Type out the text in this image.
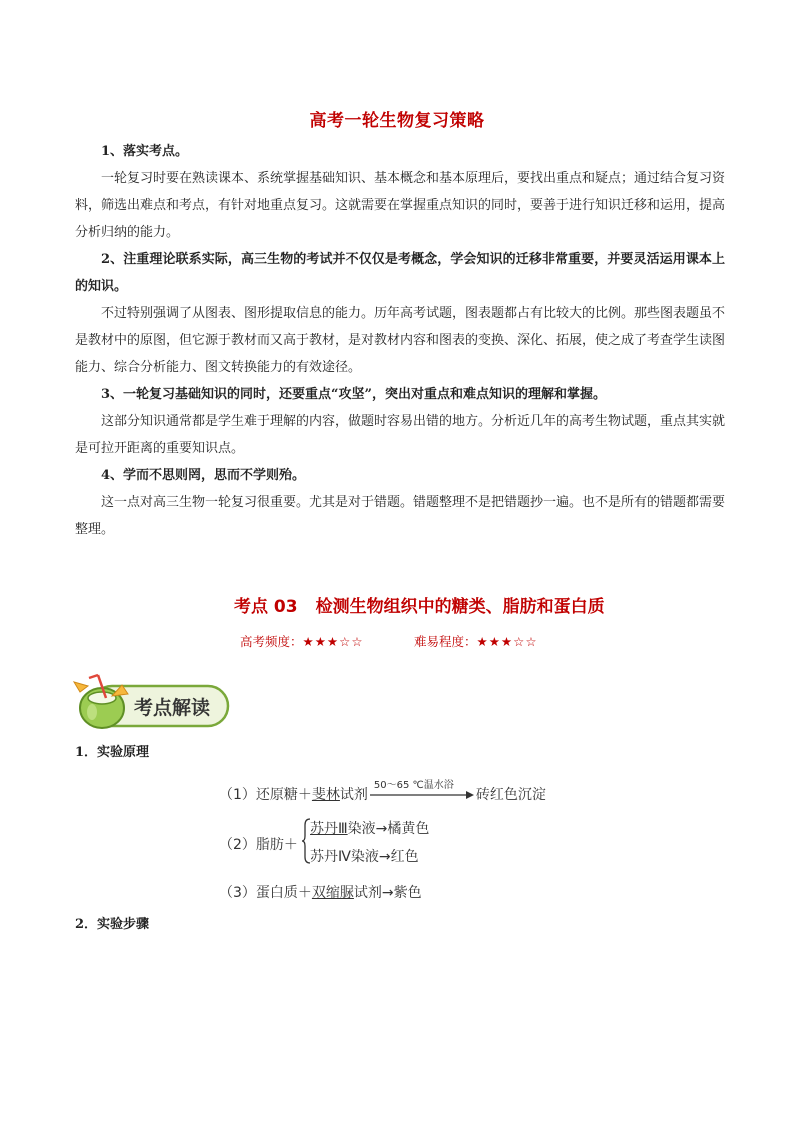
高考一轮生物复习策略

1、落实考点。

一轮复习时要在熟读课本、系统掌握基础知识、基本概念和基本原理后，要找出重点和疑点；通过结合复习资料，筛选出难点和考点，有针对地重点复习。这就需要在掌握重点知识的同时，要善于进行知识迁移和运用，提高分析归纳的能力。

2、注重理论联系实际，高三生物的考试并不仅仅是考概念，学会知识的迁移非常重要，并要灵活运用课本上的知识。

不过特别强调了从图表、图形提取信息的能力。历年高考试题，图表题都占有比较大的比例。那些图表题虽不是教材中的原图，但它源于教材而又高于教材，是对教材内容和图表的变换、深化、拓展，使之成了考查学生读图能力、综合分析能力、图文转换能力的有效途径。

3、一轮复习基础知识的同时，还要重点“攻坚”，突出对重点和难点知识的理解和掌握。

这部分知识通常都是学生难于理解的内容，做题时容易出错的地方。分析近几年的高考生物试题，重点其实就是可拉开距离的重要知识点。

4、学而不思则罔，思而不学则殆。

这一点对高三生物一轮复习很重要。尤其是对于错题。错题整理不是把错题抄一遍。也不是所有的错题都需要整理。

考点 03 检测生物组织中的糖类、脂肪和蛋白质
高考频度：★★★☆☆	难易程度：★★★☆☆
考点解读
1．实验原理
（1）还原糖＋斐林试剂
50～65 ℃温水浴
砖红色沉淀
（2）脂肪＋
苏丹Ⅲ染液→橘黄色
苏丹Ⅳ染液→红色
（3）蛋白质＋双缩脲试剂→紫色
2．实验步骤
